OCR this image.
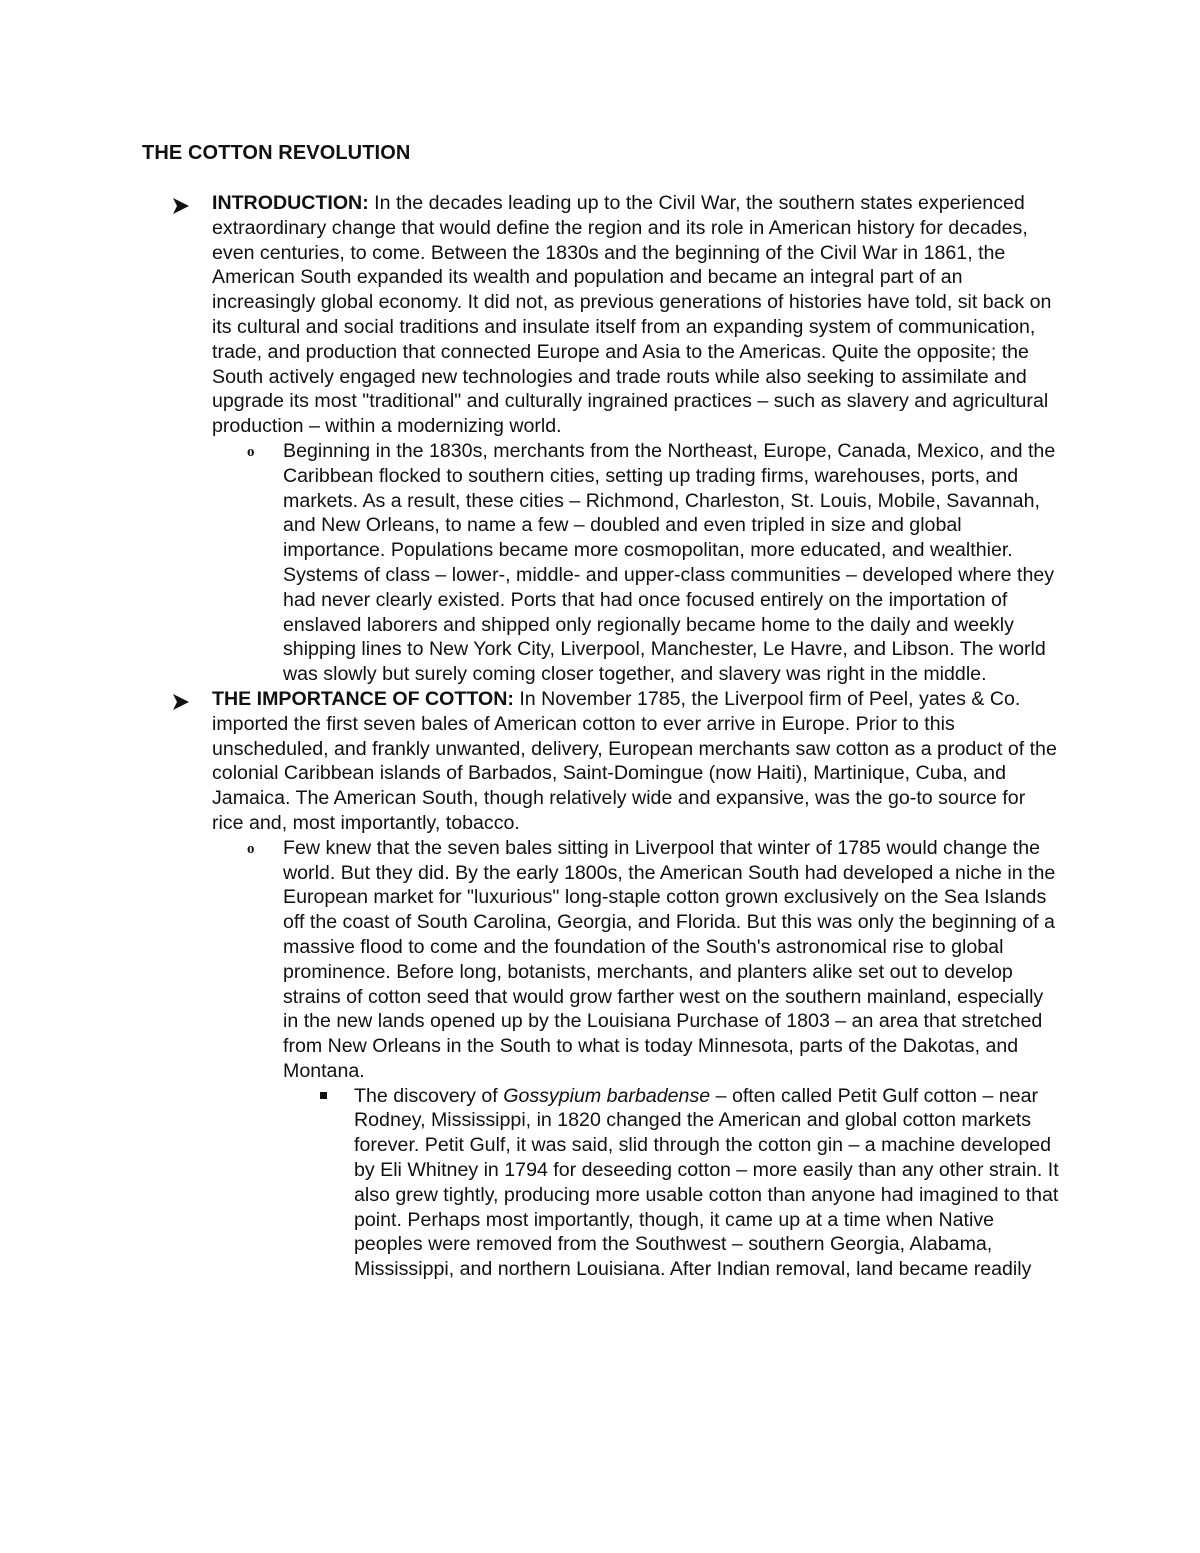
THE COTTON REVOLUTION
INTRODUCTION: In the decades leading up to the Civil War, the southern states experienced extraordinary change that would define the region and its role in American history for decades, even centuries, to come. Between the 1830s and the beginning of the Civil War in 1861, the American South expanded its wealth and population and became an integral part of an increasingly global economy. It did not, as previous generations of histories have told, sit back on its cultural and social traditions and insulate itself from an expanding system of communication, trade, and production that connected Europe and Asia to the Americas. Quite the opposite; the South actively engaged new technologies and trade routs while also seeking to assimilate and upgrade its most "traditional" and culturally ingrained practices – such as slavery and agricultural production – within a modernizing world.
o Beginning in the 1830s, merchants from the Northeast, Europe, Canada, Mexico, and the Caribbean flocked to southern cities, setting up trading firms, warehouses, ports, and markets. As a result, these cities – Richmond, Charleston, St. Louis, Mobile, Savannah, and New Orleans, to name a few – doubled and even tripled in size and global importance. Populations became more cosmopolitan, more educated, and wealthier. Systems of class – lower-, middle- and upper-class communities – developed where they had never clearly existed. Ports that had once focused entirely on the importation of enslaved laborers and shipped only regionally became home to the daily and weekly shipping lines to New York City, Liverpool, Manchester, Le Havre, and Libson. The world was slowly but surely coming closer together, and slavery was right in the middle.
THE IMPORTANCE OF COTTON: In November 1785, the Liverpool firm of Peel, yates & Co. imported the first seven bales of American cotton to ever arrive in Europe. Prior to this unscheduled, and frankly unwanted, delivery, European merchants saw cotton as a product of the colonial Caribbean islands of Barbados, Saint-Domingue (now Haiti), Martinique, Cuba, and Jamaica. The American South, though relatively wide and expansive, was the go-to source for rice and, most importantly, tobacco.
o Few knew that the seven bales sitting in Liverpool that winter of 1785 would change the world. But they did. By the early 1800s, the American South had developed a niche in the European market for "luxurious" long-staple cotton grown exclusively on the Sea Islands off the coast of South Carolina, Georgia, and Florida. But this was only the beginning of a massive flood to come and the foundation of the South's astronomical rise to global prominence. Before long, botanists, merchants, and planters alike set out to develop strains of cotton seed that would grow farther west on the southern mainland, especially in the new lands opened up by the Louisiana Purchase of 1803 – an area that stretched from New Orleans in the South to what is today Minnesota, parts of the Dakotas, and Montana.
The discovery of Gossypium barbadense – often called Petit Gulf cotton – near Rodney, Mississippi, in 1820 changed the American and global cotton markets forever. Petit Gulf, it was said, slid through the cotton gin – a machine developed by Eli Whitney in 1794 for deseeding cotton – more easily than any other strain. It also grew tightly, producing more usable cotton than anyone had imagined to that point. Perhaps most importantly, though, it came up at a time when Native peoples were removed from the Southwest – southern Georgia, Alabama, Mississippi, and northern Louisiana. After Indian removal, land became readily
